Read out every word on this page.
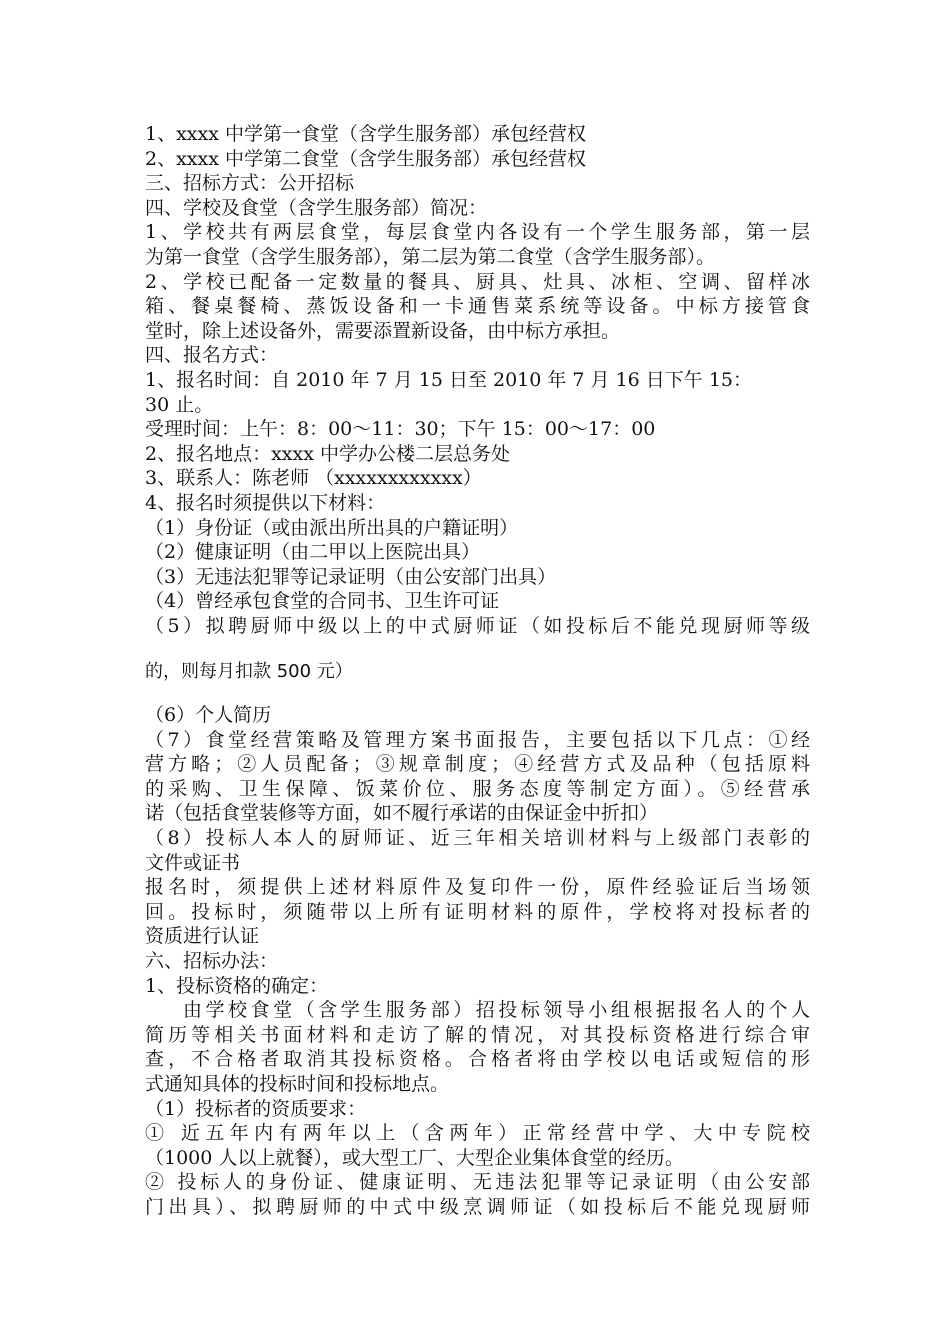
1、xxxx 中学第一食堂（含学生服务部）承包经营权

2、xxxx 中学第二食堂（含学生服务部）承包经营权

三、招标方式：公开招标

四、学校及食堂（含学生服务部）简况：

1、学校共有两层食堂，每层食堂内各设有一个学生服务部，第一层

为第一食堂（含学生服务部），第二层为第二食堂（含学生服务部）。

2、学校已配备一定数量的餐具、厨具、灶具、冰柜、空调、留样冰

箱、餐桌餐椅、蒸饭设备和一卡通售菜系统等设备。中标方接管食

堂时，除上述设备外，需要添置新设备，由中标方承担。

四、报名方式：

1、报名时间：自 2010 年 7 月 15 日至 2010 年 7 月 16 日下午 15：

30 止。

受理时间：上午：8：00～11：30；下午 15：00～17：00

2、报名地点：xxxx 中学办公楼二层总务处

3、联系人：陈老师 （xxxxxxxxxxxx）

4、报名时须提供以下材料：

（1）身份证（或由派出所出具的户籍证明）

（2）健康证明（由二甲以上医院出具）

（3）无违法犯罪等记录证明（由公安部门出具）

（4）曾经承包食堂的合同书、卫生许可证

（5）拟聘厨师中级以上的中式厨师证（如投标后不能兑现厨师等级

的，则每月扣款 500 元）

（6）个人简历

（7）食堂经营策略及管理方案书面报告，主要包括以下几点：①经

营方略；②人员配备；③规章制度；④经营方式及品种（包括原料

的采购、卫生保障、饭菜价位、服务态度等制定方面）。⑤经营承

诺（包括食堂装修等方面，如不履行承诺的由保证金中折扣）

（8）投标人本人的厨师证、近三年相关培训材料与上级部门表彰的

文件或证书

报名时，须提供上述材料原件及复印件一份，原件经验证后当场领

回。投标时，须随带以上所有证明材料的原件，学校将对投标者的

资质进行认证

六、招标办法：

1、投标资格的确定：

由学校食堂（含学生服务部）招投标领导小组根据报名人的个人

简历等相关书面材料和走访了解的情况，对其投标资格进行综合审

查，不合格者取消其投标资格。合格者将由学校以电话或短信的形

式通知具体的投标时间和投标地点。

（1）投标者的资质要求：

① 近五年内有两年以上（含两年）正常经营中学、大中专院校

（1000 人以上就餐），或大型工厂、大型企业集体食堂的经历。

② 投标人的身份证、健康证明、无违法犯罪等记录证明（由公安部

门出具）、拟聘厨师的中式中级烹调师证（如投标后不能兑现厨师
